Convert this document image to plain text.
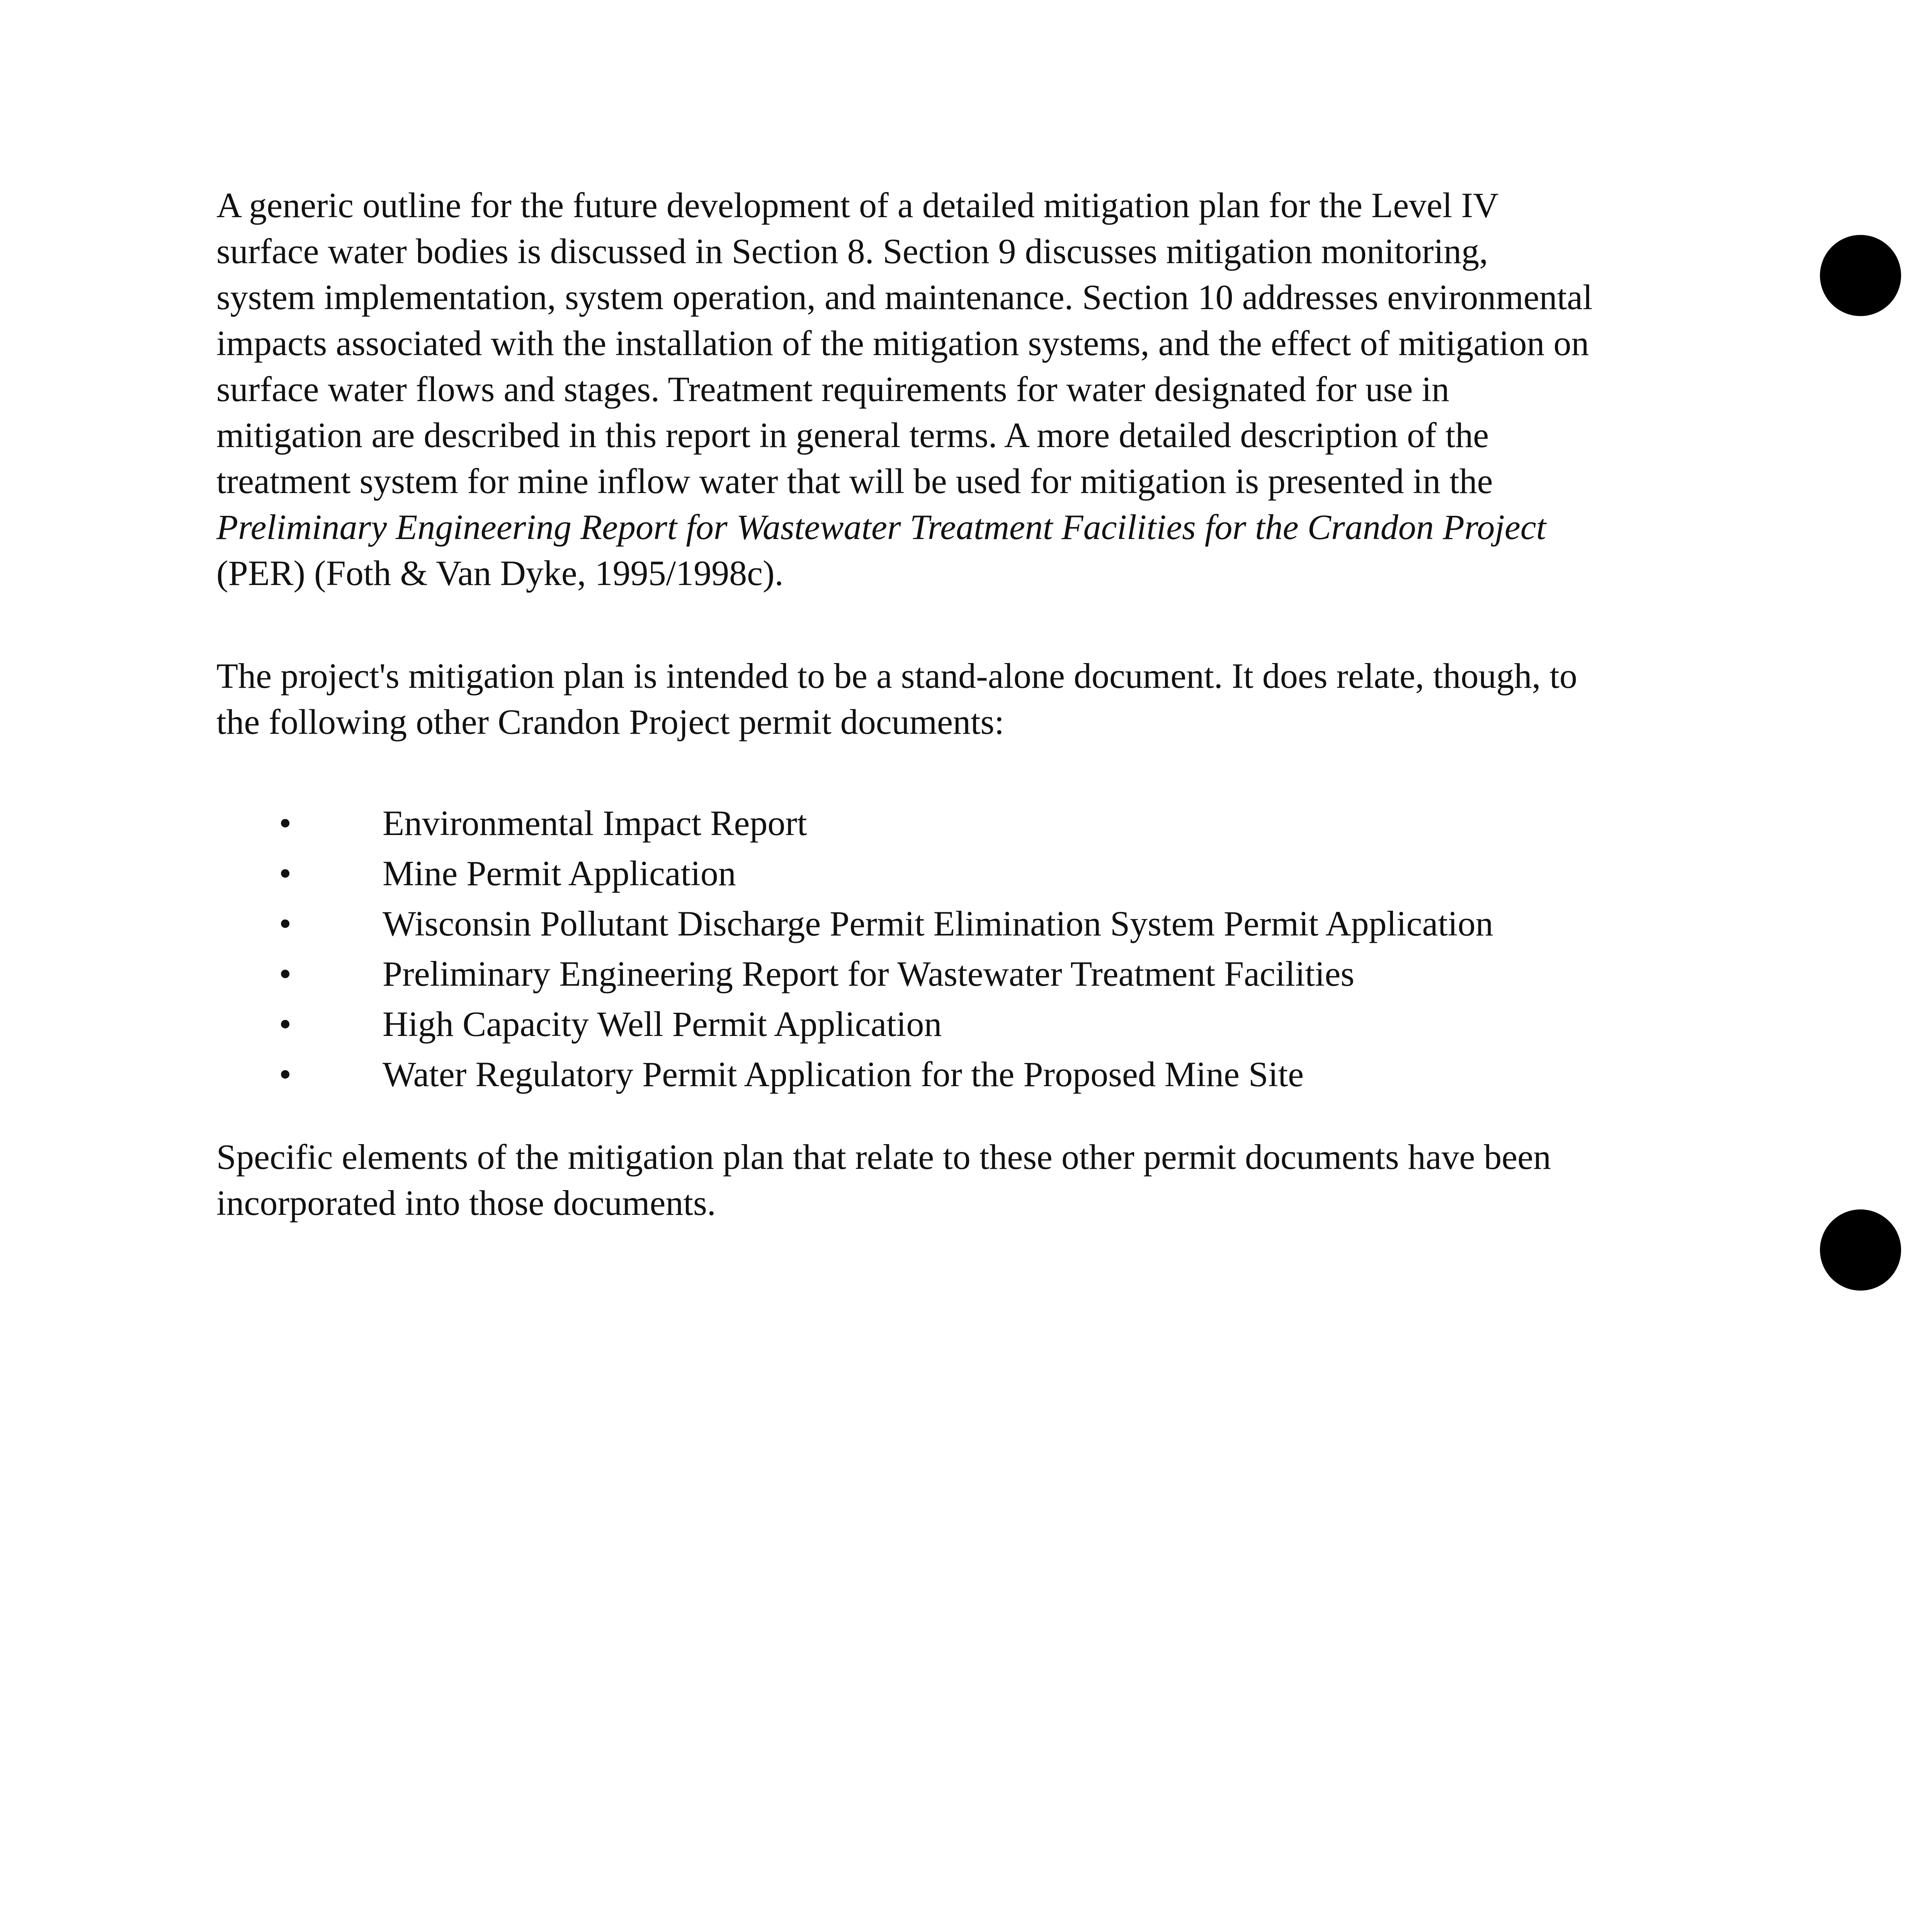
A generic outline for the future development of a detailed mitigation plan for the Level IV
surface water bodies is discussed in Section 8. Section 9 discusses mitigation monitoring,
system implementation, system operation, and maintenance. Section 10 addresses environmental
impacts associated with the installation of the mitigation systems, and the effect of mitigation on
surface water flows and stages. Treatment requirements for water designated for use in
mitigation are described in this report in general terms. A more detailed description of the
treatment system for mine inflow water that will be used for mitigation is presented in the
Preliminary Engineering Report for Wastewater Treatment Facilities for the Crandon Project
(PER) (Foth & Van Dyke, 1995/1998c).

The project's mitigation plan is intended to be a stand-alone document. It does relate, though, to
the following other Crandon Project permit documents:

•	Environmental Impact Report
•	Mine Permit Application
•	Wisconsin Pollutant Discharge Permit Elimination System Permit Application
•	Preliminary Engineering Report for Wastewater Treatment Facilities
•	High Capacity Well Permit Application
•	Water Regulatory Permit Application for the Proposed Mine Site

Specific elements of the mitigation plan that relate to these other permit documents have been
incorporated into those documents.
